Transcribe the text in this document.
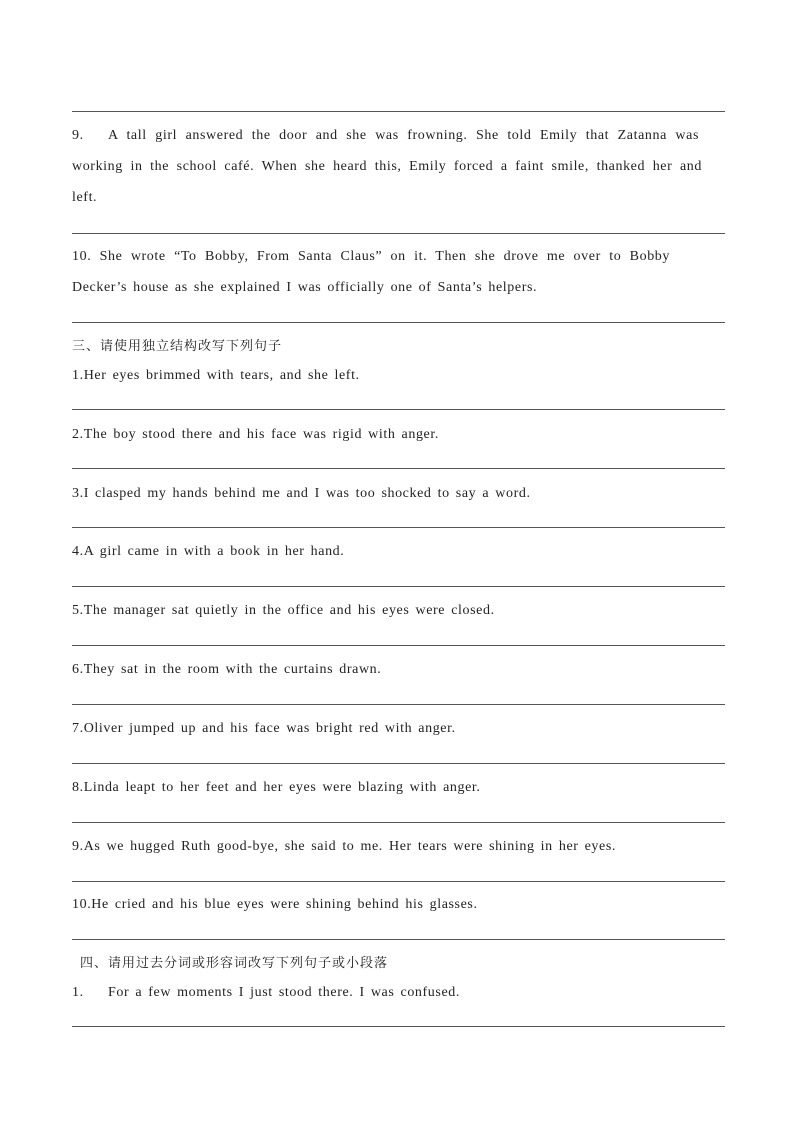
9. A tall girl answered the door and she was frowning. She told Emily that Zatanna was
working in the school café. When she heard this, Emily forced a faint smile, thanked her and
left.
10. She wrote “To Bobby, From Santa Claus” on it. Then she drove me over to Bobby
Decker’s house as she explained I was officially one of Santa’s helpers.
三、请使用独立结构改写下列句子
1.Her eyes brimmed with tears, and she left.
2.The boy stood there and his face was rigid with anger.
3.I clasped my hands behind me and I was too shocked to say a word.
4.A girl came in with a book in her hand.
5.The manager sat quietly in the office and his eyes were closed.
6.They sat in the room with the curtains drawn.
7.Oliver jumped up and his face was bright red with anger.
8.Linda leapt to her feet and her eyes were blazing with anger.
9.As we hugged Ruth good-bye, she said to me. Her tears were shining in her eyes.
10.He cried and his blue eyes were shining behind his glasses.
四、请用过去分词或形容词改写下列句子或小段落
1. For a few moments I just stood there. I was confused.
